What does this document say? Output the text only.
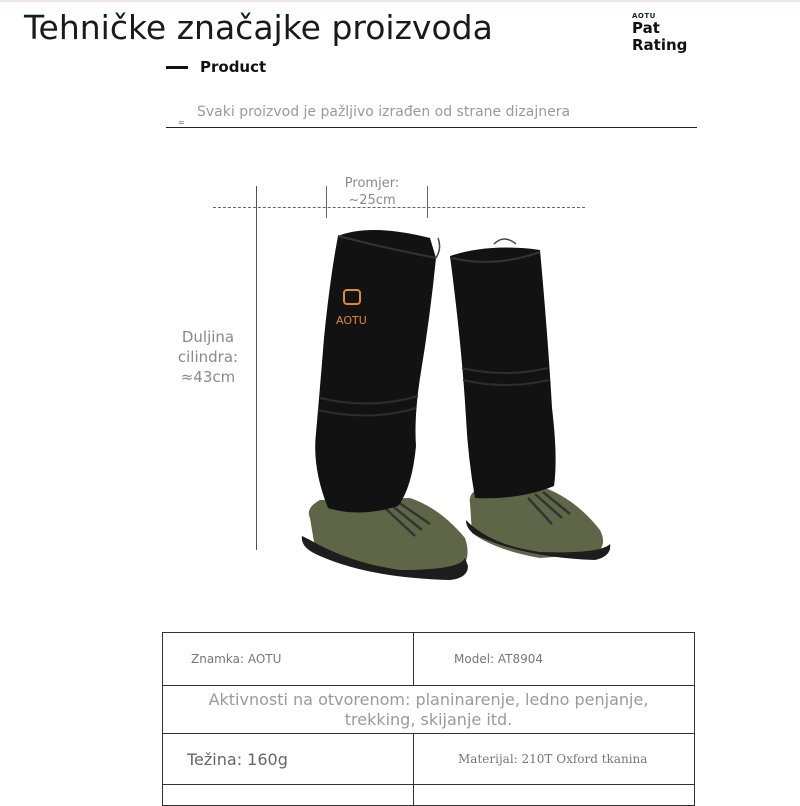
Tehničke značajke proizvoda	AOTU
Pat
Rating
Product
Svaki proizvod je pažljivo izrađen od strane dizajnera
=
Promjer:
~25cm
Duljina
cilindra:
≈43cm
AOTU
Znamka: AOTU	Model: AT8904

Aktivnosti na otvorenom: planinarenje, ledno penjanje,
trekking, skijanje itd.	

Težina: 160g	Materijal: 210T Oxford tkanina
